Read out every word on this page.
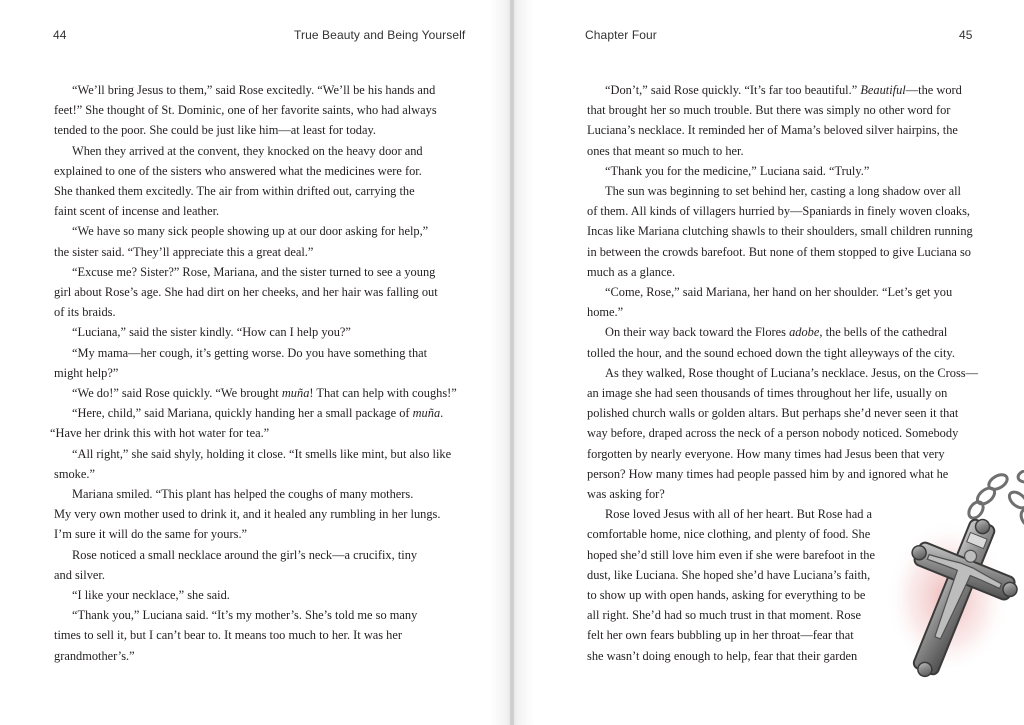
44	True Beauty and Being Yourself

“We’ll bring Jesus to them,” said Rose excitedly. “We’ll be his hands and
feet!” She thought of St. Dominic, one of her favorite saints, who had always
tended to the poor. She could be just like him—at least for today.

When they arrived at the convent, they knocked on the heavy door and
explained to one of the sisters who answered what the medicines were for.
She thanked them excitedly. The air from within drifted out, carrying the
faint scent of incense and leather.

“We have so many sick people showing up at our door asking for help,”
the sister said. “They’ll appreciate this a great deal.”

“Excuse me? Sister?” Rose, Mariana, and the sister turned to see a young
girl about Rose’s age. She had dirt on her cheeks, and her hair was falling out
of its braids.

“Luciana,” said the sister kindly. “How can I help you?”

“My mama—her cough, it’s getting worse. Do you have something that
might help?”

“We do!” said Rose quickly. “We brought muña! That can help with coughs!”

“Here, child,” said Mariana, quickly handing her a small package of muña.
“Have her drink this with hot water for tea.”

“All right,” she said shyly, holding it close. “It smells like mint, but also like
smoke.”

Mariana smiled. “This plant has helped the coughs of many mothers.
My very own mother used to drink it, and it healed any rumbling in her lungs.
I’m sure it will do the same for yours.”

Rose noticed a small necklace around the girl’s neck—a crucifix, tiny
and silver.

“I like your necklace,” she said.

“Thank you,” Luciana said. “It’s my mother’s. She’s told me so many
times to sell it, but I can’t bear to. It means too much to her. It was her
grandmother’s.”

Chapter Four	45

“Don’t,” said Rose quickly. “It’s far too beautiful.” Beautiful—the word
that brought her so much trouble. But there was simply no other word for
Luciana’s necklace. It reminded her of Mama’s beloved silver hairpins, the
ones that meant so much to her.

“Thank you for the medicine,” Luciana said. “Truly.”

The sun was beginning to set behind her, casting a long shadow over all
of them. All kinds of villagers hurried by—Spaniards in finely woven cloaks,
Incas like Mariana clutching shawls to their shoulders, small children running
in between the crowds barefoot. But none of them stopped to give Luciana so
much as a glance.

“Come, Rose,” said Mariana, her hand on her shoulder. “Let’s get you
home.”

On their way back toward the Flores adobe, the bells of the cathedral
tolled the hour, and the sound echoed down the tight alleyways of the city.

As they walked, Rose thought of Luciana’s necklace. Jesus, on the Cross—
an image she had seen thousands of times throughout her life, usually on
polished church walls or golden altars. But perhaps she’d never seen it that
way before, draped across the neck of a person nobody noticed. Somebody
forgotten by nearly everyone. How many times had Jesus been that very
person? How many times had people passed him by and ignored what he
was asking for?

Rose loved Jesus with all of her heart. But Rose had a
comfortable home, nice clothing, and plenty of food. She
hoped she’d still love him even if she were barefoot in the
dust, like Luciana. She hoped she’d have Luciana’s faith,
to show up with open hands, asking for everything to be
all right. She’d had so much trust in that moment. Rose
felt her own fears bubbling up in her throat—fear that
she wasn’t doing enough to help, fear that their garden
